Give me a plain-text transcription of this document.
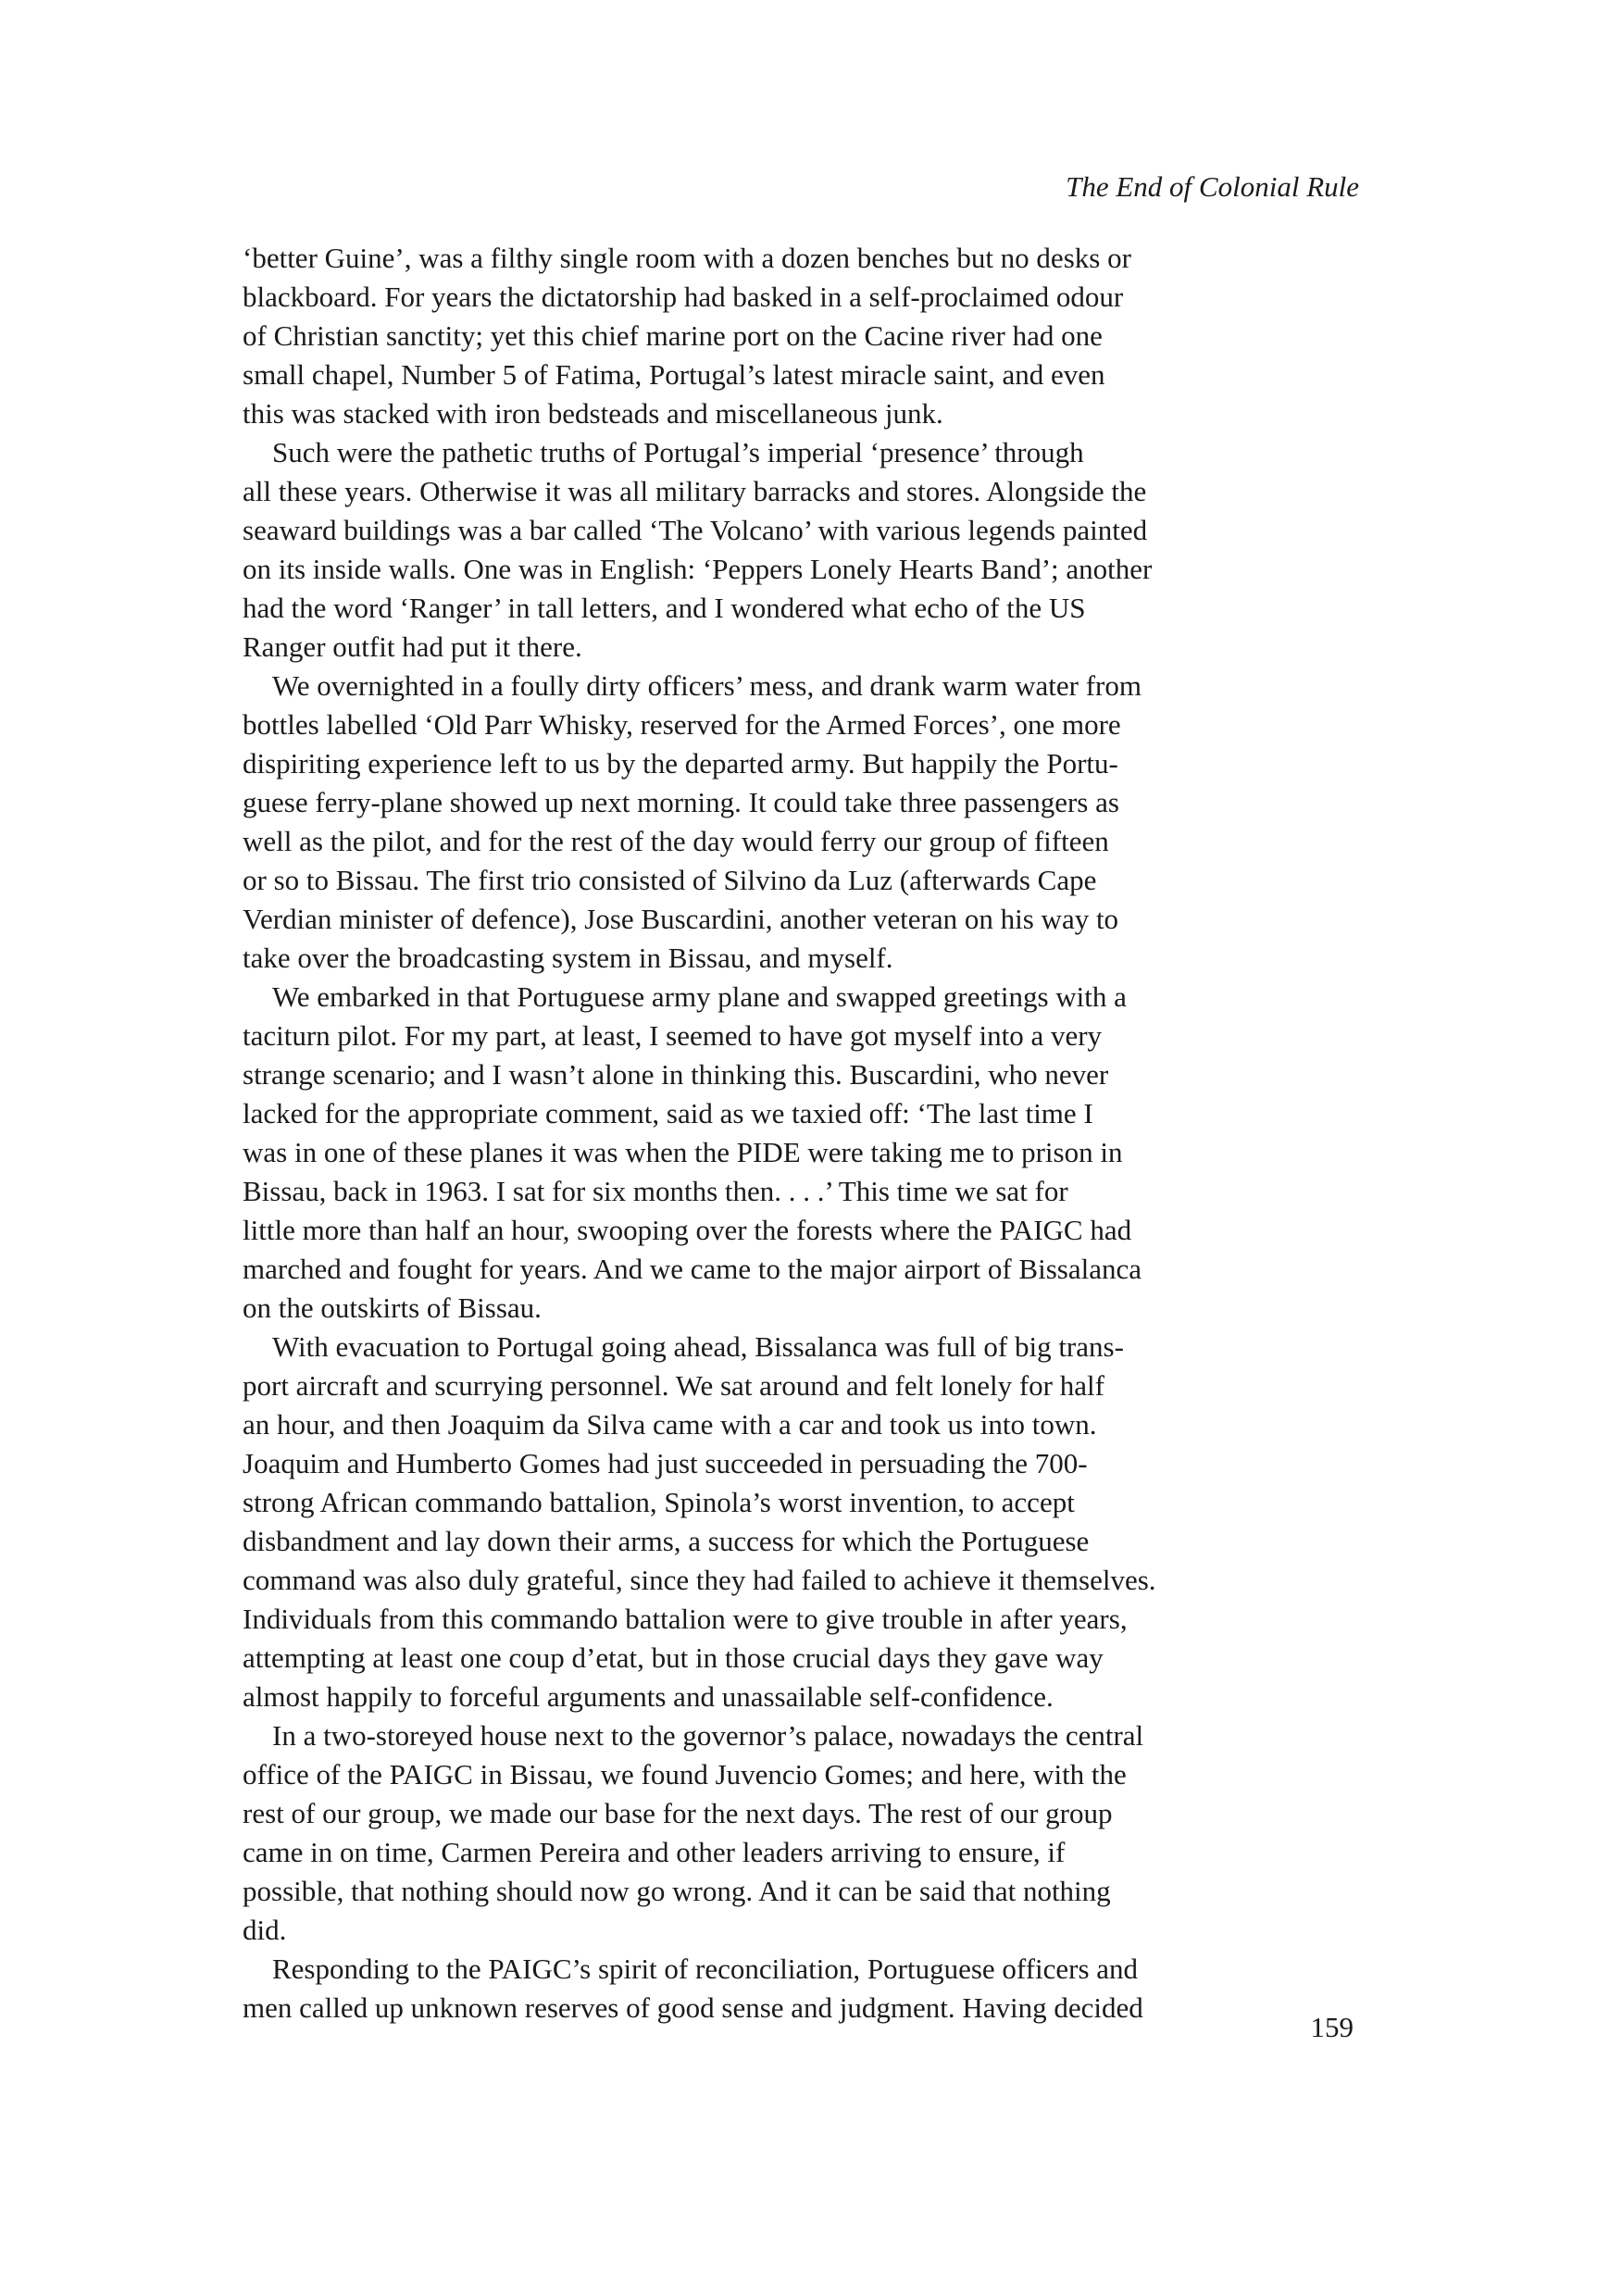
The End of Colonial Rule

‘better Guine’, was a filthy single room with a dozen benches but no desks or
blackboard. For years the dictatorship had basked in a self-proclaimed odour
of Christian sanctity; yet this chief marine port on the Cacine river had one
small chapel, Number 5 of Fatima, Portugal’s latest miracle saint, and even
this was stacked with iron bedsteads and miscellaneous junk.

Such were the pathetic truths of Portugal’s imperial ‘presence’ through
all these years. Otherwise it was all military barracks and stores. Alongside the
seaward buildings was a bar called ‘The Volcano’ with various legends painted
on its inside walls. One was in English: ‘Peppers Lonely Hearts Band’; another
had the word ‘Ranger’ in tall letters, and I wondered what echo of the US
Ranger outfit had put it there.

We overnighted in a foully dirty officers’ mess, and drank warm water from
bottles labelled ‘Old Parr Whisky, reserved for the Armed Forces’, one more
dispiriting experience left to us by the departed army. But happily the Portu-
guese ferry-plane showed up next morning. It could take three passengers as
well as the pilot, and for the rest of the day would ferry our group of fifteen
or so to Bissau. The first trio consisted of Silvino da Luz (afterwards Cape
Verdian minister of defence), Jose Buscardini, another veteran on his way to
take over the broadcasting system in Bissau, and myself.

We embarked in that Portuguese army plane and swapped greetings with a
taciturn pilot. For my part, at least, I seemed to have got myself into a very
strange scenario; and I wasn’t alone in thinking this. Buscardini, who never
lacked for the appropriate comment, said as we taxied off: ‘The last time I
was in one of these planes it was when the PIDE were taking me to prison in
Bissau, back in 1963. I sat for six months then. . . .’ This time we sat for
little more than half an hour, swooping over the forests where the PAIGC had
marched and fought for years. And we came to the major airport of Bissalanca
on the outskirts of Bissau.

With evacuation to Portugal going ahead, Bissalanca was full of big trans-
port aircraft and scurrying personnel. We sat around and felt lonely for half
an hour, and then Joaquim da Silva came with a car and took us into town.
Joaquim and Humberto Gomes had just succeeded in persuading the 700-
strong African commando battalion, Spinola’s worst invention, to accept
disbandment and lay down their arms, a success for which the Portuguese
command was also duly grateful, since they had failed to achieve it themselves.
Individuals from this commando battalion were to give trouble in after years,
attempting at least one coup d’etat, but in those crucial days they gave way
almost happily to forceful arguments and unassailable self-confidence.

In a two-storeyed house next to the governor’s palace, nowadays the central
office of the PAIGC in Bissau, we found Juvencio Gomes; and here, with the
rest of our group, we made our base for the next days. The rest of our group
came in on time, Carmen Pereira and other leaders arriving to ensure, if
possible, that nothing should now go wrong. And it can be said that nothing
did.

Responding to the PAIGC’s spirit of reconciliation, Portuguese officers and
men called up unknown reserves of good sense and judgment. Having decided

159
